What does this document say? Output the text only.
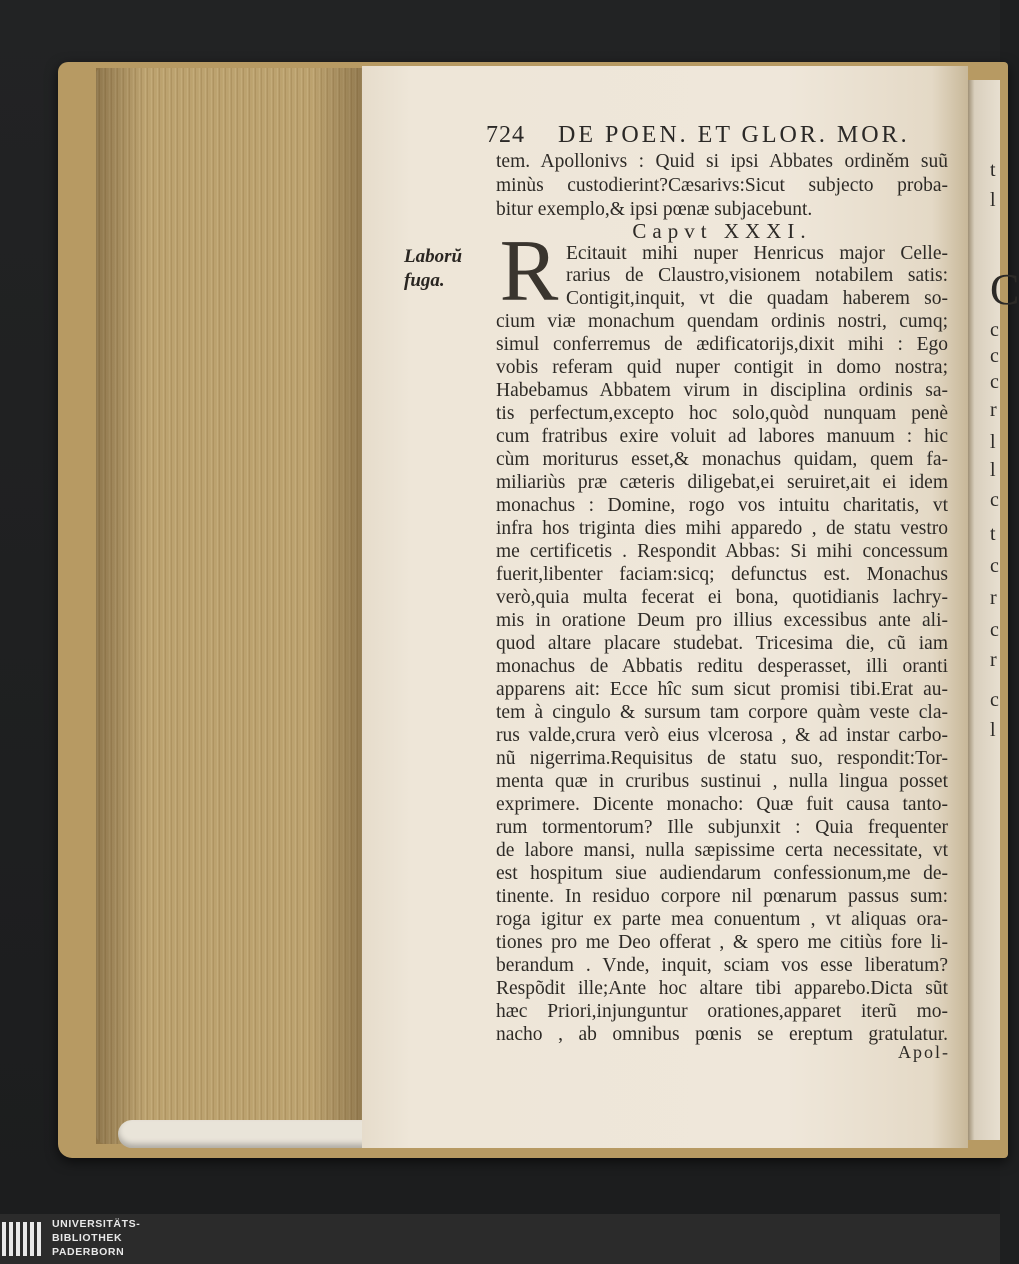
724 DE POEN. ET GLOR. MOR.
Laborŭ
fuga. R
tem. Apollonivs : Quid si ipsi Abbates ordiněm suũ
minùs custodierint?Cæsarivs:Sicut subjecto proba-
bitur exemplo,& ipsi pœnæ subjacebunt.
Capvt XXXI.
Ecitauit mihi nuper Henricus major Celle-
rarius de Claustro,visionem notabilem satis:
Contigit,inquit, vt die quadam haberem so-
cium viæ monachum quendam ordinis nostri, cumq;
simul conferremus de ædificatorijs,dixit mihi : Ego
vobis referam quid nuper contigit in domo nostra;
Habebamus Abbatem virum in disciplina ordinis sa-
tis perfectum,excepto hoc solo,quòd nunquam penè
cum fratribus exire voluit ad labores manuum : hic
cùm moriturus esset,& monachus quidam, quem fa-
miliariùs præ cæteris diligebat,ei seruiret,ait ei idem
monachus : Domine, rogo vos intuitu charitatis, vt
infra hos triginta dies mihi apparedo , de statu vestro
me certificetis . Respondit Abbas: Si mihi concessum
fuerit,libenter faciam:sicq; defunctus est. Monachus
verò,quia multa fecerat ei bona, quotidianis lachry-
mis in oratione Deum pro illius excessibus ante ali-
quod altare placare studebat. Tricesima die, cũ iam
monachus de Abbatis reditu desperasset, illi oranti
apparens ait: Ecce hîc sum sicut promisi tibi.Erat au-
tem à cingulo & sursum tam corpore quàm veste cla-
rus valde,crura verò eius vlcerosa , & ad instar carbo-
nũ nigerrima.Requisitus de statu suo, respondit:Tor-
menta quæ in cruribus sustinui , nulla lingua posset
exprimere. Dicente monacho: Quæ fuit causa tanto-
rum tormentorum? Ille subjunxit : Quia frequenter
de labore mansi, nulla sæpissime certa necessitate, vt
est hospitum siue audiendarum confessionum,me de-
tinente. In residuo corpore nil pœnarum passus sum:
roga igitur ex parte mea conuentum , vt aliquas ora-
tiones pro me Deo offerat , & spero me citiùs fore li-
berandum . Vnde, inquit, sciam vos esse liberatum?
Respõdit ille;Ante hoc altare tibi apparebo.Dicta sũt
hæc Priori,injunguntur orationes,apparet iterũ mo-
nacho , ab omnibus pœnis se ereptum gratulatur.
Apol-
t
l
C
c
c
c
r
l
l
c
t
c
r
c
r
c
l
UNIVERSITÄTS-
BIBLIOTHEK
PADERBORN
